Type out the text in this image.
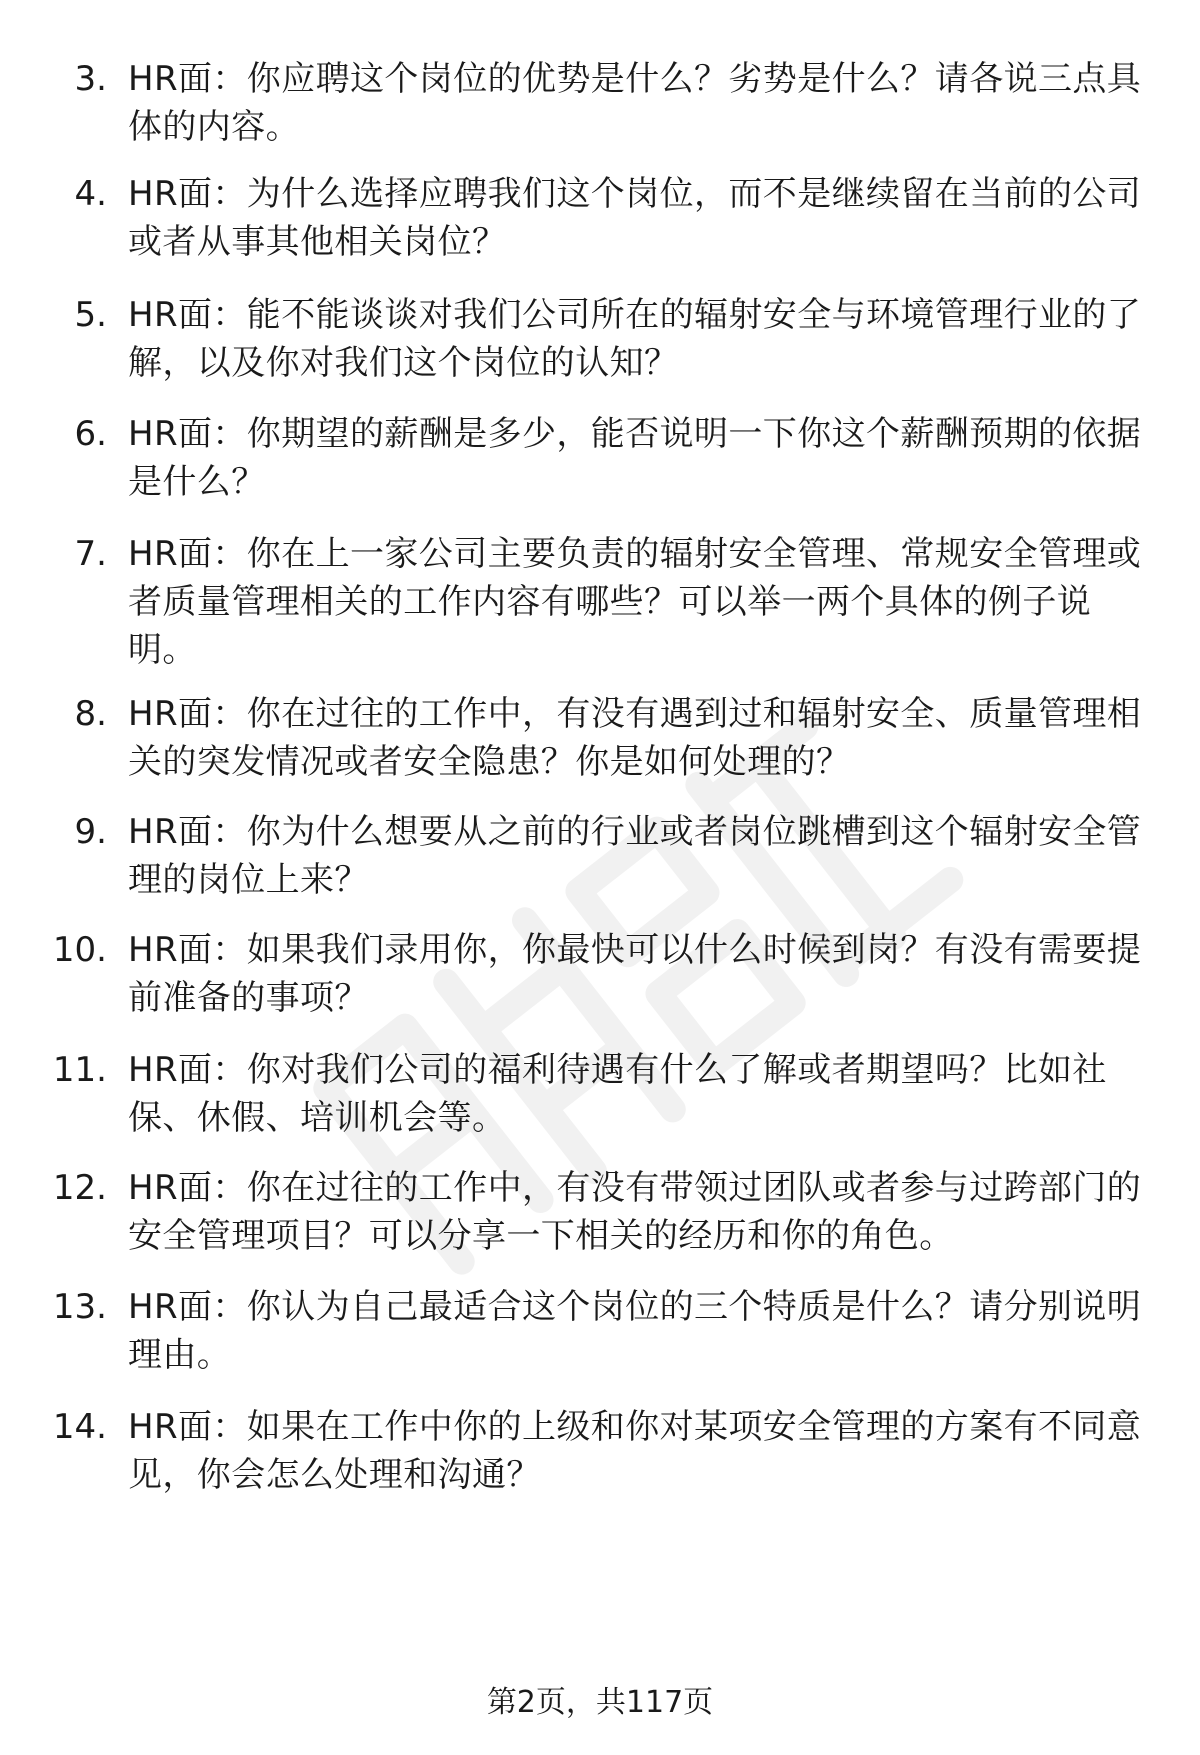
3. HR面：你应聘这个岗位的优势是什么？劣势是什么？请各说三点具体的内容。
4. HR面：为什么选择应聘我们这个岗位，而不是继续留在当前的公司或者从事其他相关岗位？
5. HR面：能不能谈谈对我们公司所在的辐射安全与环境管理行业的了解，以及你对我们这个岗位的认知？
6. HR面：你期望的薪酬是多少，能否说明一下你这个薪酬预期的依据是什么？
7. HR面：你在上一家公司主要负责的辐射安全管理、常规安全管理或者质量管理相关的工作内容有哪些？可以举一两个具体的例子说明。
8. HR面：你在过往的工作中，有没有遇到过和辐射安全、质量管理相关的突发情况或者安全隐患？你是如何处理的？
9. HR面：你为什么想要从之前的行业或者岗位跳槽到这个辐射安全管理的岗位上来？
10. HR面：如果我们录用你，你最快可以什么时候到岗？有没有需要提前准备的事项？
11. HR面：你对我们公司的福利待遇有什么了解或者期望吗？比如社保、休假、培训机会等。
12. HR面：你在过往的工作中，有没有带领过团队或者参与过跨部门的安全管理项目？可以分享一下相关的经历和你的角色。
13. HR面：你认为自己最适合这个岗位的三个特质是什么？请分别说明理由。
14. HR面：如果在工作中你的上级和你对某项安全管理的方案有不同意见，你会怎么处理和沟通？
第2页，共117页
